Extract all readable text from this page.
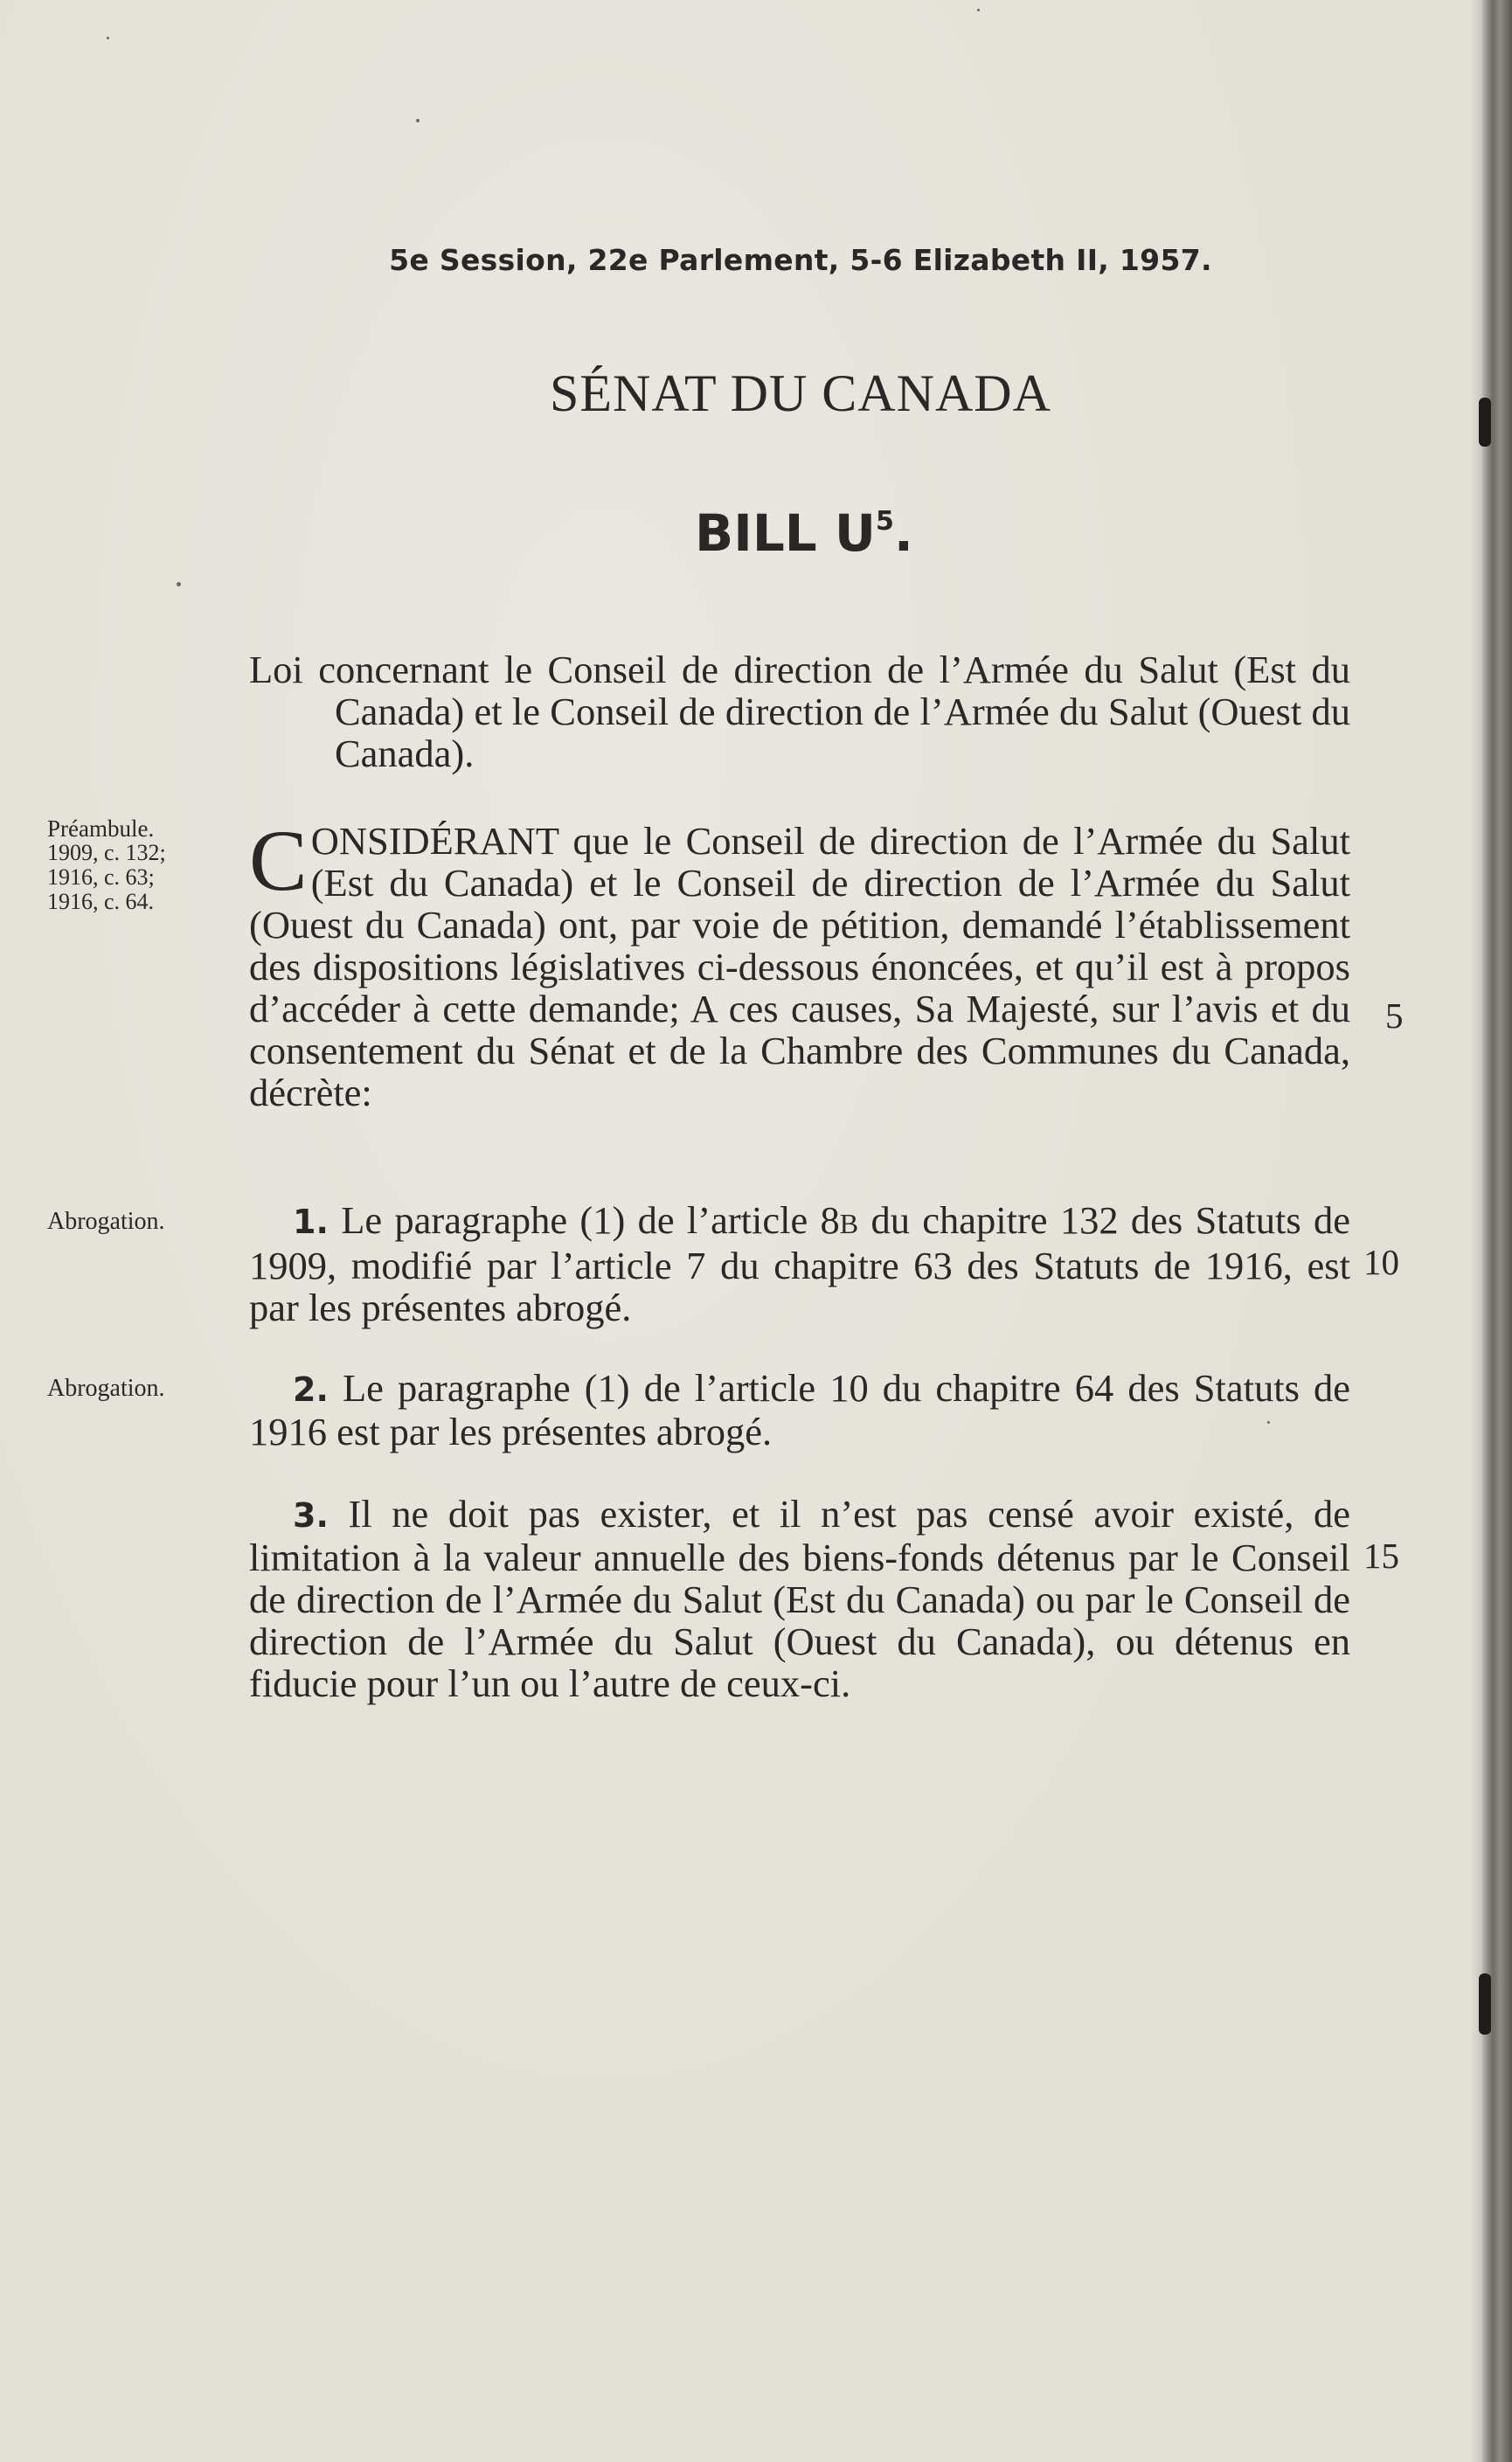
5e Session, 22e Parlement, 5-6 Elizabeth II, 1957.
SÉNAT DU CANADA
BILL $U^5$.
Loi concernant le Conseil de direction de l’Armée du Salut (Est du Canada) et le Conseil de direction de l’Armée du Salut (Ouest du Canada).
Préambule.
1909, c. 132;
1916, c. 63;
1916, c. 64.	CONSIDÉRANT que le Conseil de direction de l’Armée du Salut (Est du Canada) et le Conseil de direction de l’Armée du Salut (Ouest du Canada) ont, par voie de pétition, demandé l’établissement des dispositions législatives ci-dessous énoncées, et qu’il est à propos d’accéder à cette demande; A ces causes, Sa Majesté, sur l’avis et du consentement du Sénat et de la Chambre des Communes du Canada, décrète:
Abrogation.	1. Le paragraphe (1) de l’article 8B du chapitre 132 des Statuts de 1909, modifié par l’article 7 du chapitre 63 des Statuts de 1916, est par les présentes abrogé.
Abrogation.	2. Le paragraphe (1) de l’article 10 du chapitre 64 des Statuts de 1916 est par les présentes abrogé.
3. Il ne doit pas exister, et il n’est pas censé avoir existé, de limitation à la valeur annuelle des biens-fonds détenus par le Conseil de direction de l’Armée du Salut (Est du Canada) ou par le Conseil de direction de l’Armée du Salut (Ouest du Canada), ou détenus en fiducie pour l’un ou l’autre de ceux-ci.
5
10
15
